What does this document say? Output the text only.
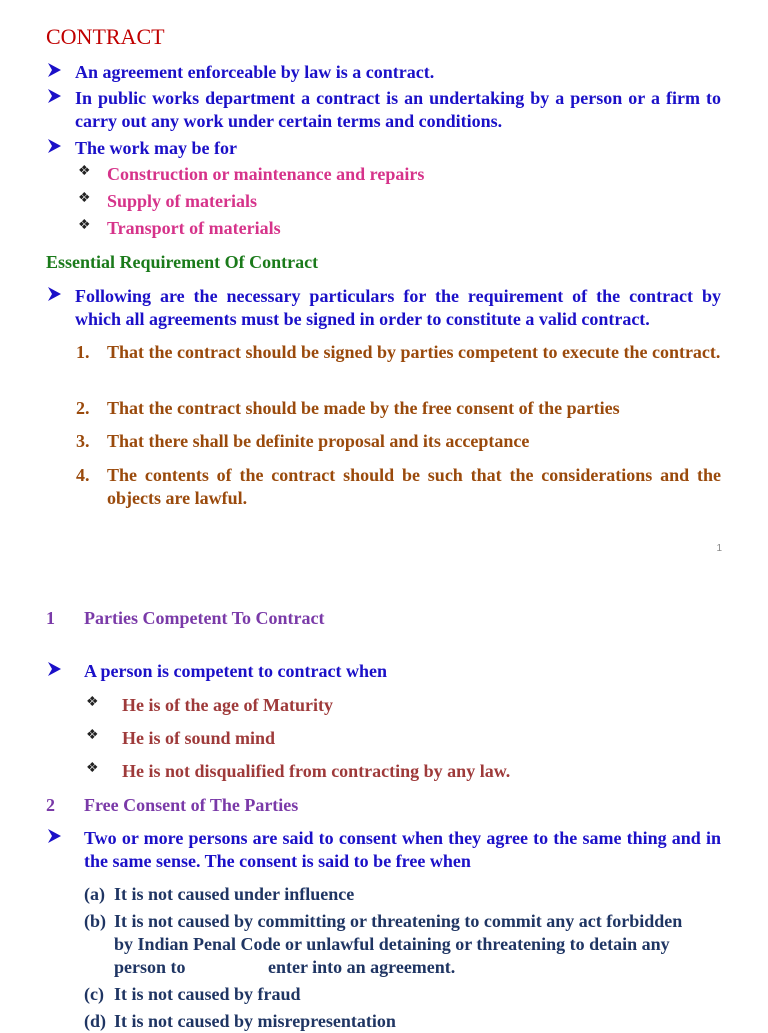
CONTRACT
An agreement enforceable by law is a contract.
In public works department a contract is an undertaking by a person or a firm to carry out any work under certain terms and conditions.
The work may be for
❖ Construction or maintenance and repairs
❖ Supply of materials
❖ Transport of materials
Essential Requirement Of Contract
Following are the necessary particulars for the requirement of the contract by which all agreements must be signed in order to constitute a valid contract.
1. That the contract should be signed by parties competent to execute the contract.
2. That the contract should be made by the free consent of the parties
3. That there shall be definite proposal and its acceptance
4. The contents of the contract should be such that the considerations and the objects are lawful.
1
1 Parties Competent To Contract
A person is competent to contract when
❖ He is of the age of Maturity
❖ He is of sound mind
❖ He is not disqualified from contracting by any law.
2 Free Consent of The Parties
Two or more persons are said to consent when they agree to the same thing and in the same sense. The consent is said to be free when
(a) It is not caused under influence
(b) It is not caused by committing or threatening to commit any act forbidden
by Indian Penal Code or unlawful detaining or threatening to detain any
person to	enter into an agreement.
(c) It is not caused by fraud
(d) It is not caused by misrepresentation
